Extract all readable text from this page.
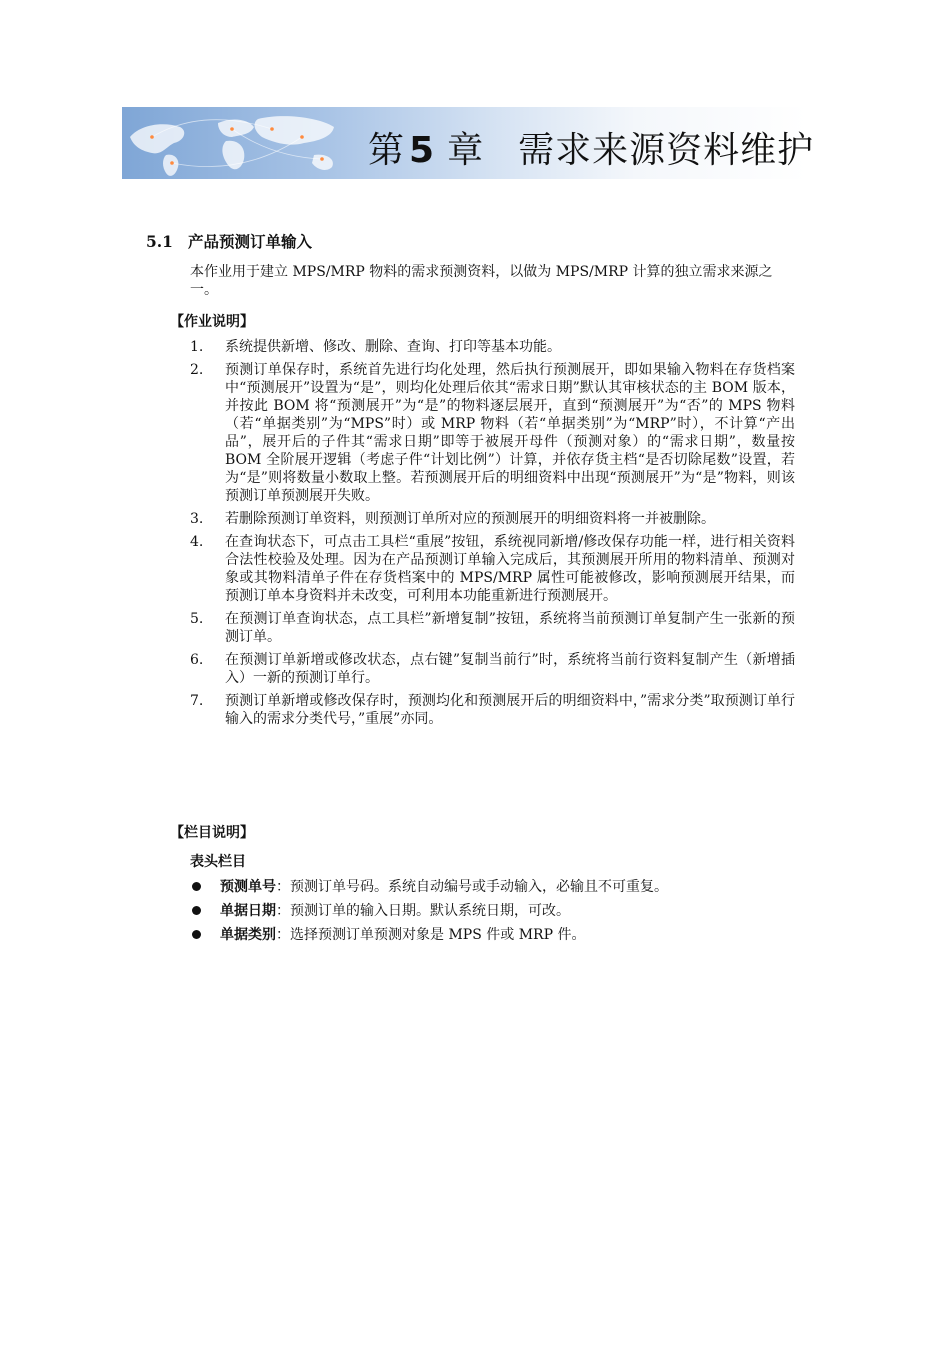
第 5 章 需求来源资料维护
5.1 产品预测订单输入
本作业用于建立 MPS/MRP 物料的需求预测资料，以做为 MPS/MRP 计算的独立需求来源之一。
【作业说明】
1. 系统提供新增、修改、删除、查询、打印等基本功能。
2. 预测订单保存时，系统首先进行均化处理，然后执行预测展开，即如果输入物料在存货档案中“预测展开”设置为“是”，则均化处理后依其“需求日期”默认其审核状态的主 BOM 版本，并按此 BOM 将“预测展开”为“是”的物料逐层展开，直到“预测展开”为“否”的 MPS 物料（若“单据类别”为“MPS”时）或 MRP 物料（若“单据类别”为“MRP”时），不计算“产出品”，展开后的子件其“需求日期”即等于被展开母件（预测对象）的“需求日期”，数量按 BOM 全阶展开逻辑（考虑子件“计划比例”）计算，并依存货主档“是否切除尾数”设置，若为“是”则将数量小数取上整。若预测展开后的明细资料中出现“预测展开”为“是”物料，则该预测订单预测展开失败。
3. 若删除预测订单资料，则预测订单所对应的预测展开的明细资料将一并被删除。
4. 在查询状态下，可点击工具栏“重展”按钮，系统视同新增/修改保存功能一样，进行相关资料合法性校验及处理。因为在产品预测订单输入完成后，其预测展开所用的物料清单、预测对象或其物料清单子件在存货档案中的 MPS/MRP 属性可能被修改，影响预测展开结果，而预测订单本身资料并未改变，可利用本功能重新进行预测展开。
5. 在预测订单查询状态，点工具栏”新增复制”按钮，系统将当前预测订单复制产生一张新的预测订单。
6. 在预测订单新增或修改状态，点右键”复制当前行”时，系统将当前行资料复制产生（新增插入）一新的预测订单行。
7. 预测订单新增或修改保存时，预测均化和预测展开后的明细资料中，”需求分类”取预测订单行输入的需求分类代号，”重展”亦同。
【栏目说明】
表头栏目
预测单号：预测订单号码。系统自动编号或手动输入，必输且不可重复。
单据日期：预测订单的输入日期。默认系统日期，可改。
单据类别：选择预测订单预测对象是 MPS 件或 MRP 件。
